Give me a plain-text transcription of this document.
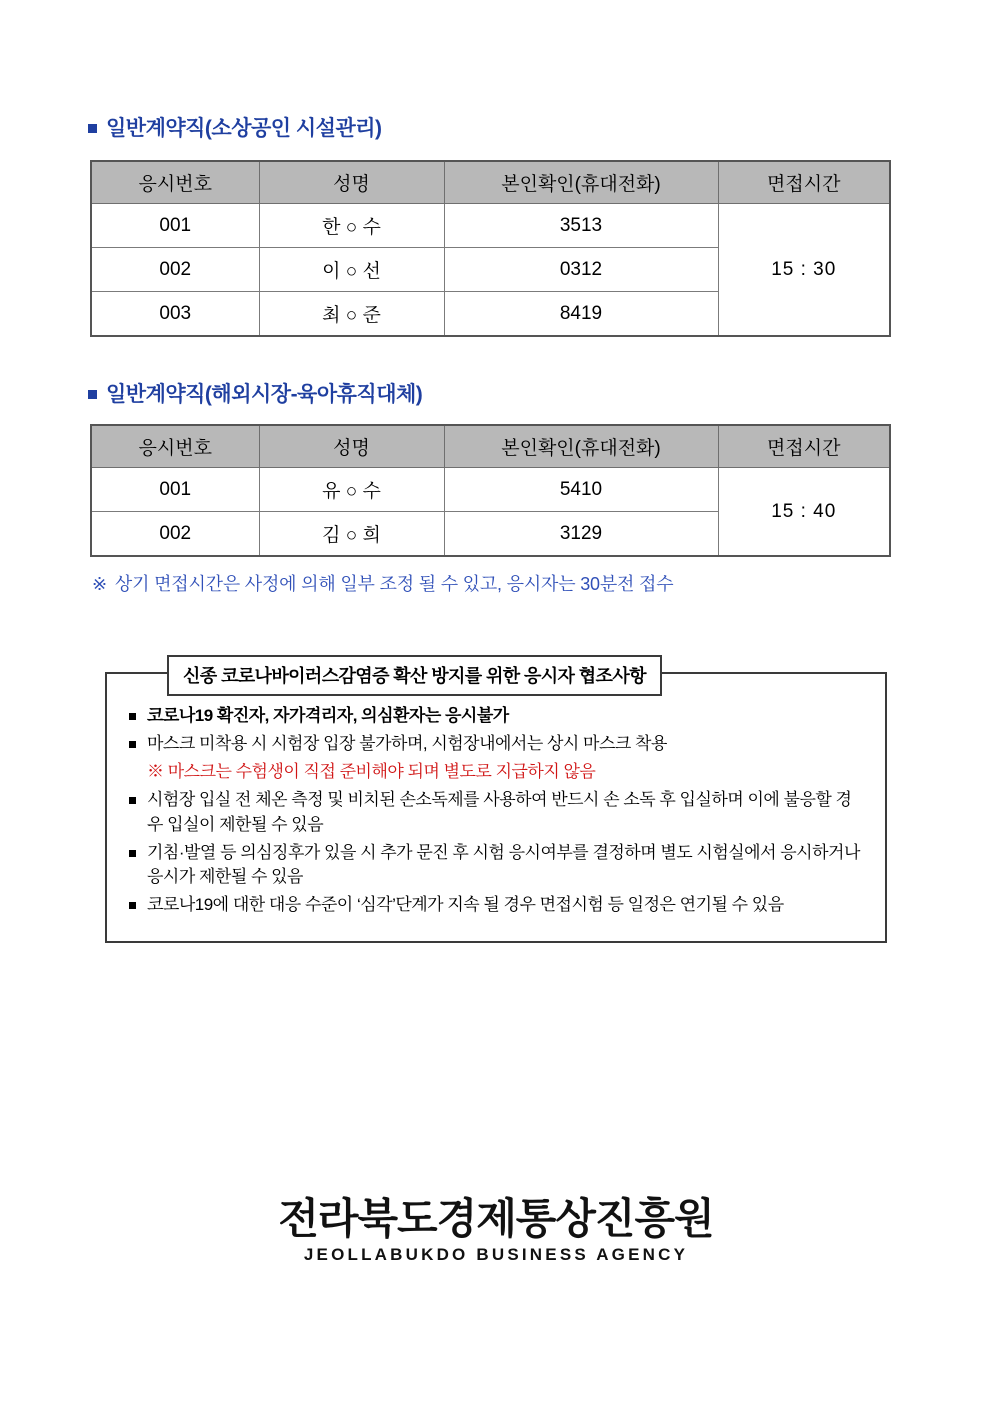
일반계약직(소상공인 시설관리)
응시번호	성명	본인확인(휴대전화)	면접시간
001	한 ○ 수	3513	15 : 30
002	이 ○ 선	0312	
003	최 ○ 준	8419	
일반계약직(해외시장-육아휴직대체)
응시번호	성명	본인확인(휴대전화)	면접시간
001	유 ○ 수	5410	15 : 40
002	김 ○ 희	3129	
※ 상기 면접시간은 사정에 의해 일부 조정 될 수 있고, 응시자는 30분전 접수
신종 코로나바이러스감염증 확산 방지를 위한 응시자 협조사항
코로나19 확진자, 자가격리자, 의심환자는 응시불가
마스크 미착용 시 시험장 입장 불가하며, 시험장내에서는 상시 마스크 착용
※ 마스크는 수험생이 직접 준비해야 되며 별도로 지급하지 않음
시험장 입실 전 체온 측정 및 비치된 손소독제를 사용하여 반드시 손 소독 후 입실하며 이에 불응할 경우 입실이 제한될 수 있음
기침·발열 등 의심징후가 있을 시 추가 문진 후 시험 응시여부를 결정하며 별도 시험실에서 응시하거나 응시가 제한될 수 있음
코로나19에 대한 대응 수준이 ‘심각’단계가 지속 될 경우 면접시험 등 일정은 연기될 수 있음
전라북도경제통상진흥원
JEOLLABUKDO BUSINESS AGENCY
